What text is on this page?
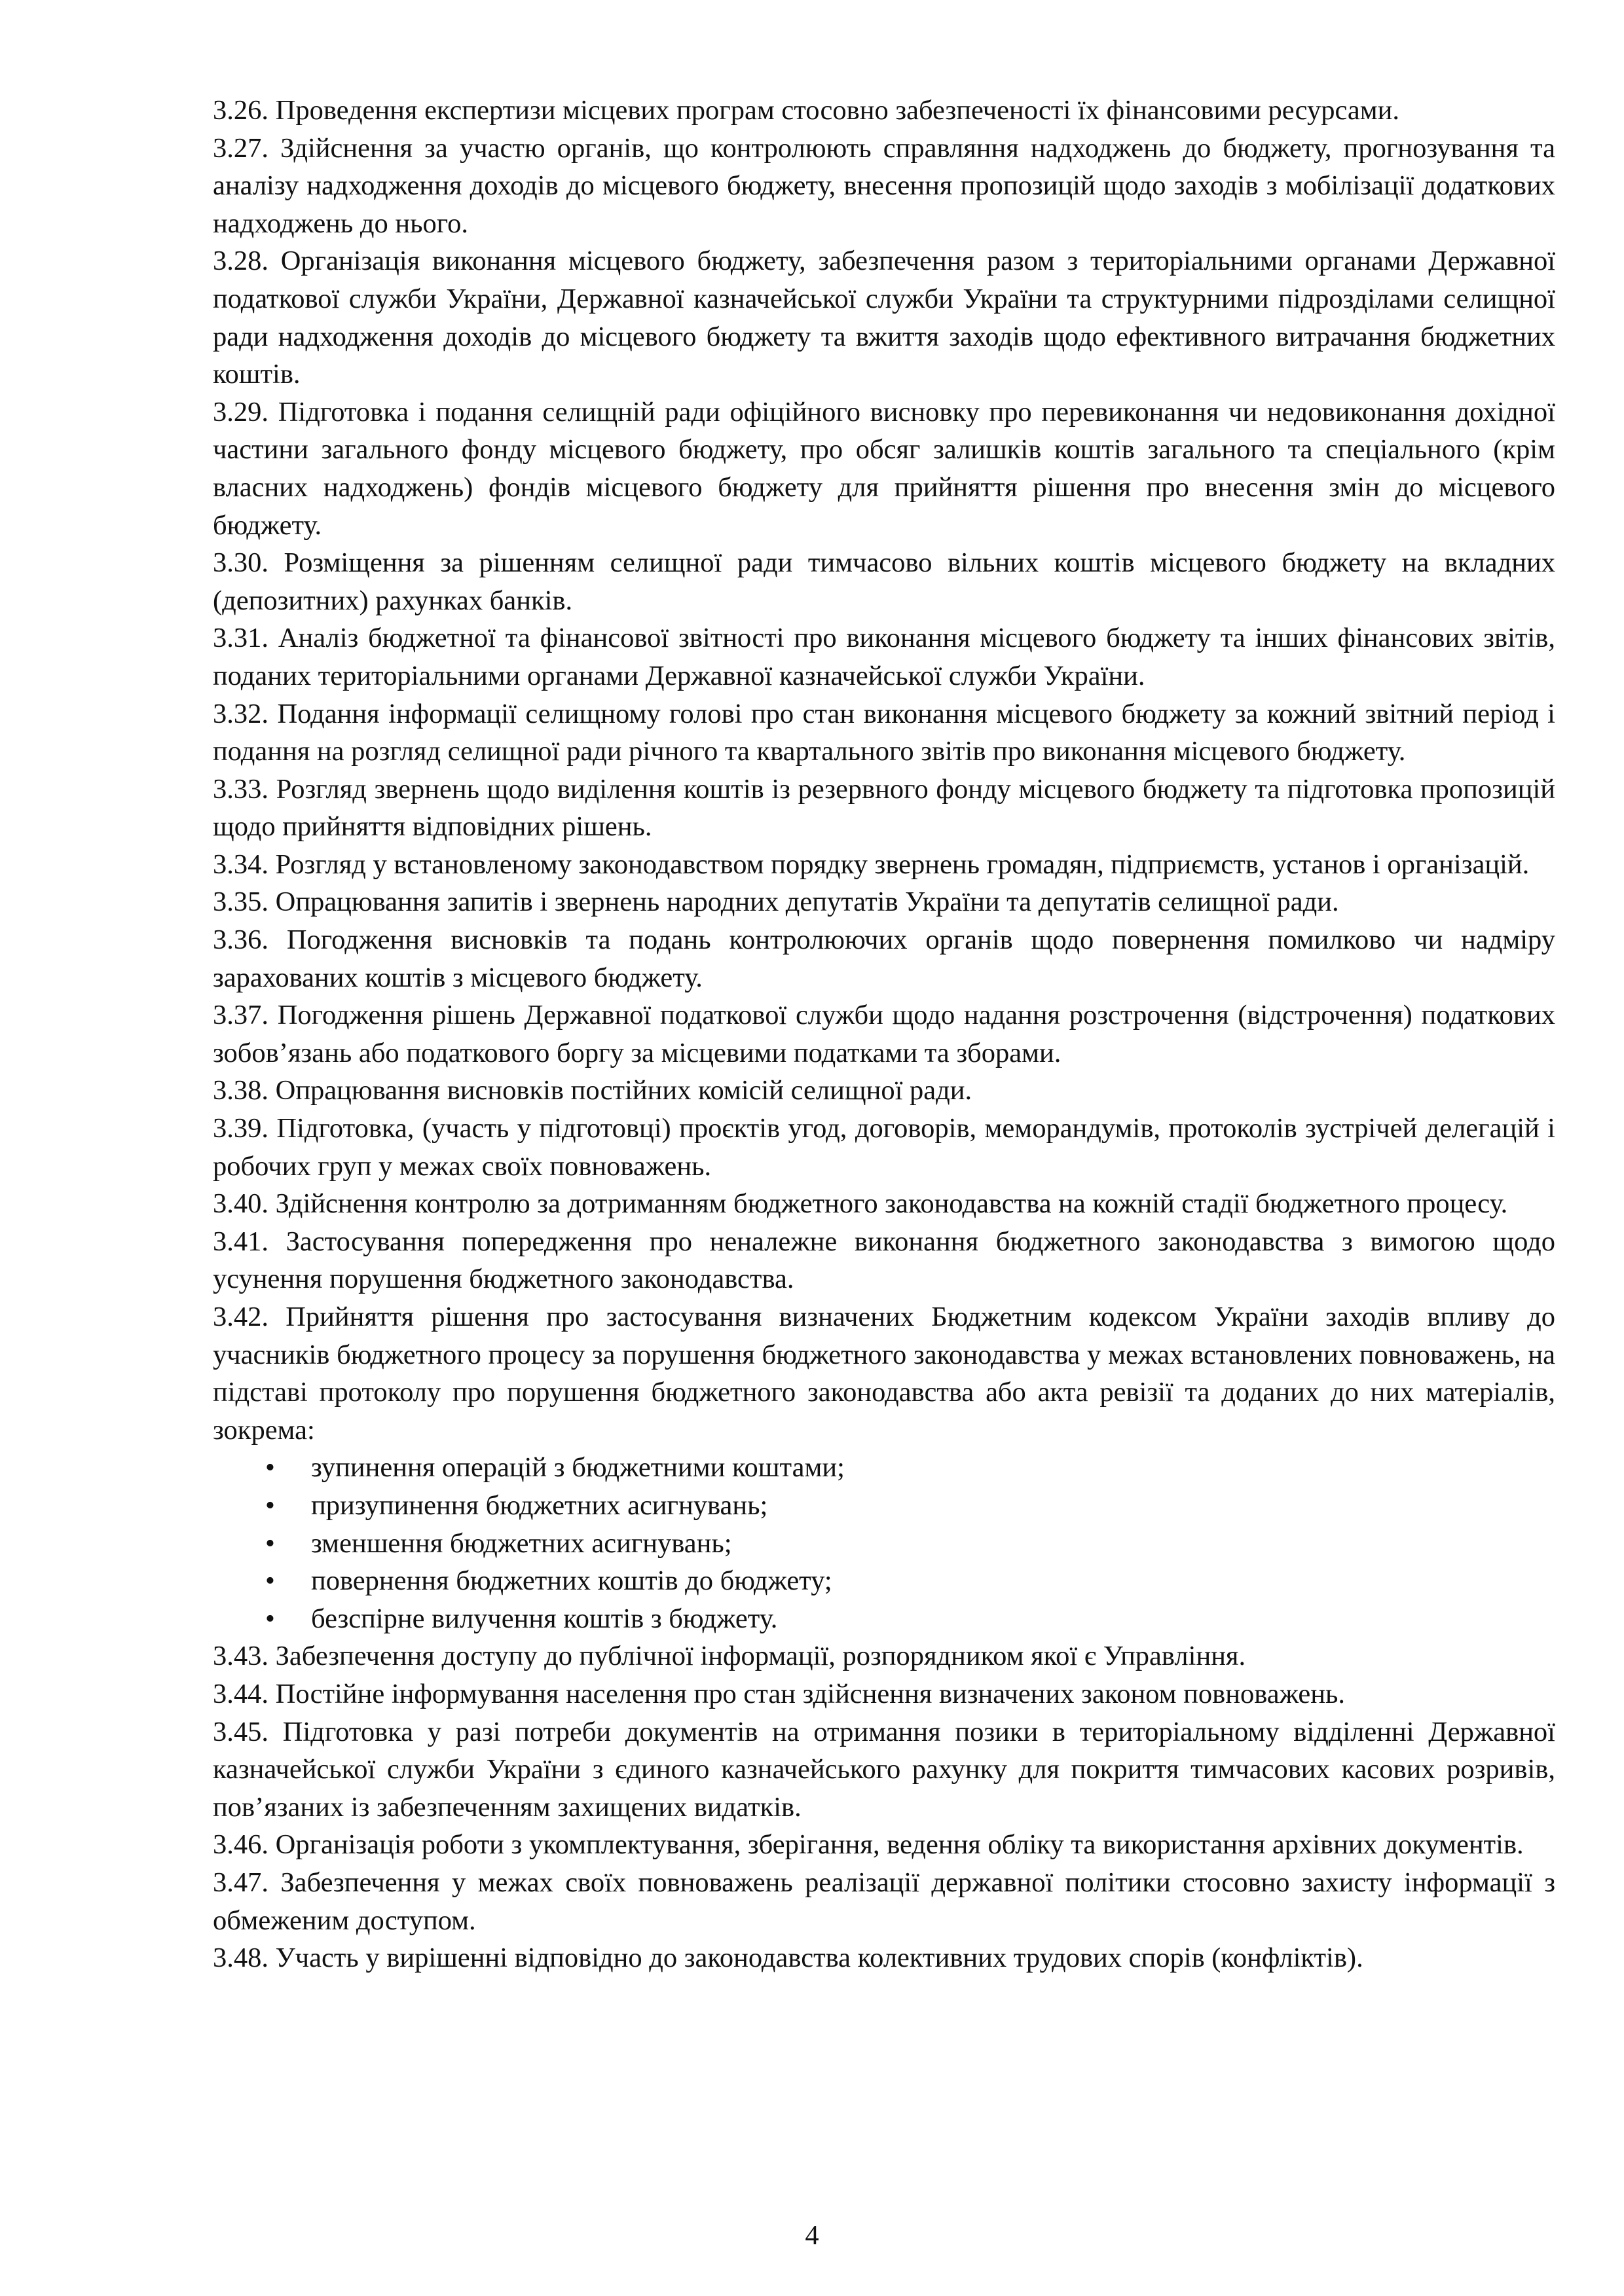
3.26. Проведення експертизи місцевих програм стосовно забезпеченості їх фінансовими ресурсами.

3.27. Здійснення за участю органів, що контролюють справляння надходжень до бюджету, прогнозування та аналізу надходження доходів до місцевого бюджету, внесення пропозицій щодо заходів з мобілізації додаткових надходжень до нього.

3.28. Організація виконання місцевого бюджету, забезпечення разом з територіальними органами Державної податкової служби України, Державної казначейської служби України та структурними підрозділами селищної ради надходження доходів до місцевого бюджету та вжиття заходів щодо ефективного витрачання бюджетних коштів.

3.29. Підготовка і подання селищній ради офіційного висновку про перевиконання чи недовиконання дохідної частини загального фонду місцевого бюджету, про обсяг залишків коштів загального та спеціального (крім власних надходжень) фондів місцевого бюджету для прийняття рішення про внесення змін до місцевого бюджету.

3.30. Розміщення за рішенням селищної ради тимчасово вільних коштів місцевого бюджету на вкладних (депозитних) рахунках банків.

3.31. Аналіз бюджетної та фінансової звітності про виконання місцевого бюджету та інших фінансових звітів, поданих територіальними органами Державної казначейської служби України.

3.32. Подання інформації селищному голові про стан виконання місцевого бюджету за кожний звітний період і подання на розгляд селищної ради річного та квартального звітів про виконання місцевого бюджету.

3.33. Розгляд звернень щодо виділення коштів із резервного фонду місцевого бюджету та підготовка пропозицій щодо прийняття відповідних рішень.

3.34. Розгляд у встановленому законодавством порядку звернень громадян, підприємств, установ і організацій.

3.35. Опрацювання запитів і звернень народних депутатів України та депутатів селищної ради.

3.36. Погодження висновків та подань контролюючих органів щодо повернення помилково чи надміру зарахованих коштів з місцевого бюджету.

3.37. Погодження рішень Державної податкової служби щодо надання розстрочення (відстрочення) податкових зобов’язань або податкового боргу за місцевими податками та зборами.

3.38. Опрацювання висновків постійних комісій селищної ради.

3.39. Підготовка, (участь у підготовці) проєктів угод, договорів, меморандумів, протоколів зустрічей делегацій і робочих груп у межах своїх повноважень.

3.40. Здійснення контролю за дотриманням бюджетного законодавства на кожній стадії бюджетного процесу.

3.41. Застосування попередження про неналежне виконання бюджетного законодавства з вимогою щодо усунення порушення бюджетного законодавства.

3.42. Прийняття рішення про застосування визначених Бюджетним кодексом України заходів впливу до учасників бюджетного процесу за порушення бюджетного законодавства у межах встановлених повноважень, на підставі протоколу про порушення бюджетного законодавства або акта ревізії та доданих до них матеріалів, зокрема:

• зупинення операцій з бюджетними коштами;
• призупинення бюджетних асигнувань;
• зменшення бюджетних асигнувань;
• повернення бюджетних коштів до бюджету;
• безспірне вилучення коштів з бюджету.

3.43. Забезпечення доступу до публічної інформації, розпорядником якої є Управління.

3.44. Постійне інформування населення про стан здійснення визначених законом повноважень.

3.45. Підготовка у разі потреби документів на отримання позики в територіальному відділенні Державної казначейської служби України з єдиного казначейського рахунку для покриття тимчасових касових розривів, пов’язаних із забезпеченням захищених видатків.

3.46. Організація роботи з укомплектування, зберігання, ведення обліку та використання архівних документів.

3.47. Забезпечення у межах своїх повноважень реалізації державної політики стосовно захисту інформації з обмеженим доступом.

3.48. Участь у вирішенні відповідно до законодавства колективних трудових спорів (конфліктів).

4
